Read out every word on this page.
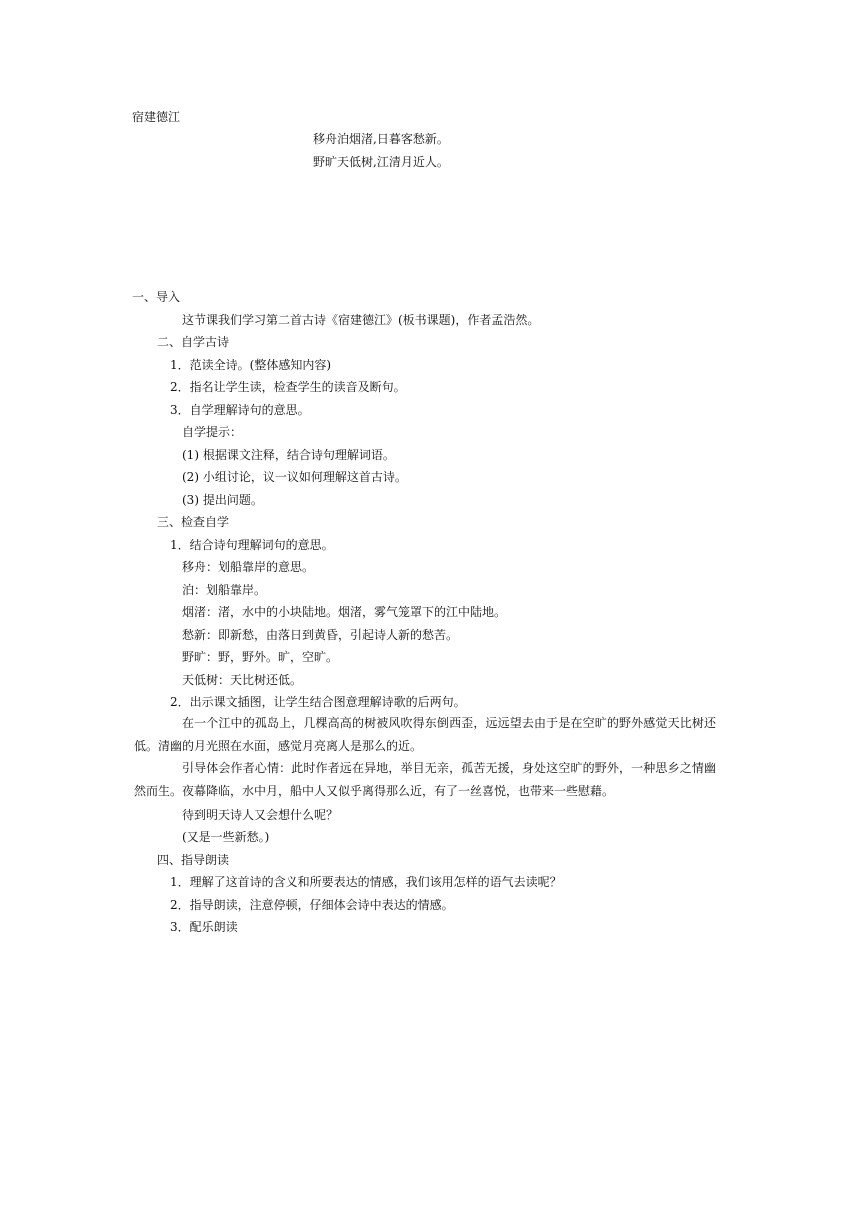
宿建德江
移舟泊烟渚,日暮客愁新。
野旷天低树,江清月近人。
一、导入
这节课我们学习第二首古诗《宿建德江》(板书课题)，作者孟浩然。
二、自学古诗
1．范读全诗。(整体感知内容)
2．指名让学生读，检查学生的读音及断句。
3．自学理解诗句的意思。
自学提示：
(1) 根据课文注释，结合诗句理解词语。
(2) 小组讨论，议一议如何理解这首古诗。
(3) 提出问题。
三、检查自学
1．结合诗句理解词句的意思。
移舟：划船靠岸的意思。
泊：划船靠岸。
烟渚：渚，水中的小块陆地。烟渚，雾气笼罩下的江中陆地。
愁新：即新愁，由落日到黄昏，引起诗人新的愁苦。
野旷：野，野外。旷，空旷。
天低树：天比树还低。
2．出示课文插图，让学生结合图意理解诗歌的后两句。
在一个江中的孤岛上，几棵高高的树被风吹得东倒西歪，远远望去由于是在空旷的野外感觉天比树还低。清幽的月光照在水面，感觉月亮离人是那么的近。
引导体会作者心情：此时作者远在异地，举目无亲，孤苦无援，身处这空旷的野外，一种思乡之情幽然而生。夜幕降临，水中月，船中人又似乎离得那么近，有了一丝喜悦，也带来一些慰藉。
待到明天诗人又会想什么呢？
(又是一些新愁。)
四、指导朗读
1．理解了这首诗的含义和所要表达的情感，我们该用怎样的语气去读呢？
2．指导朗读，注意停顿，仔细体会诗中表达的情感。
3．配乐朗读
